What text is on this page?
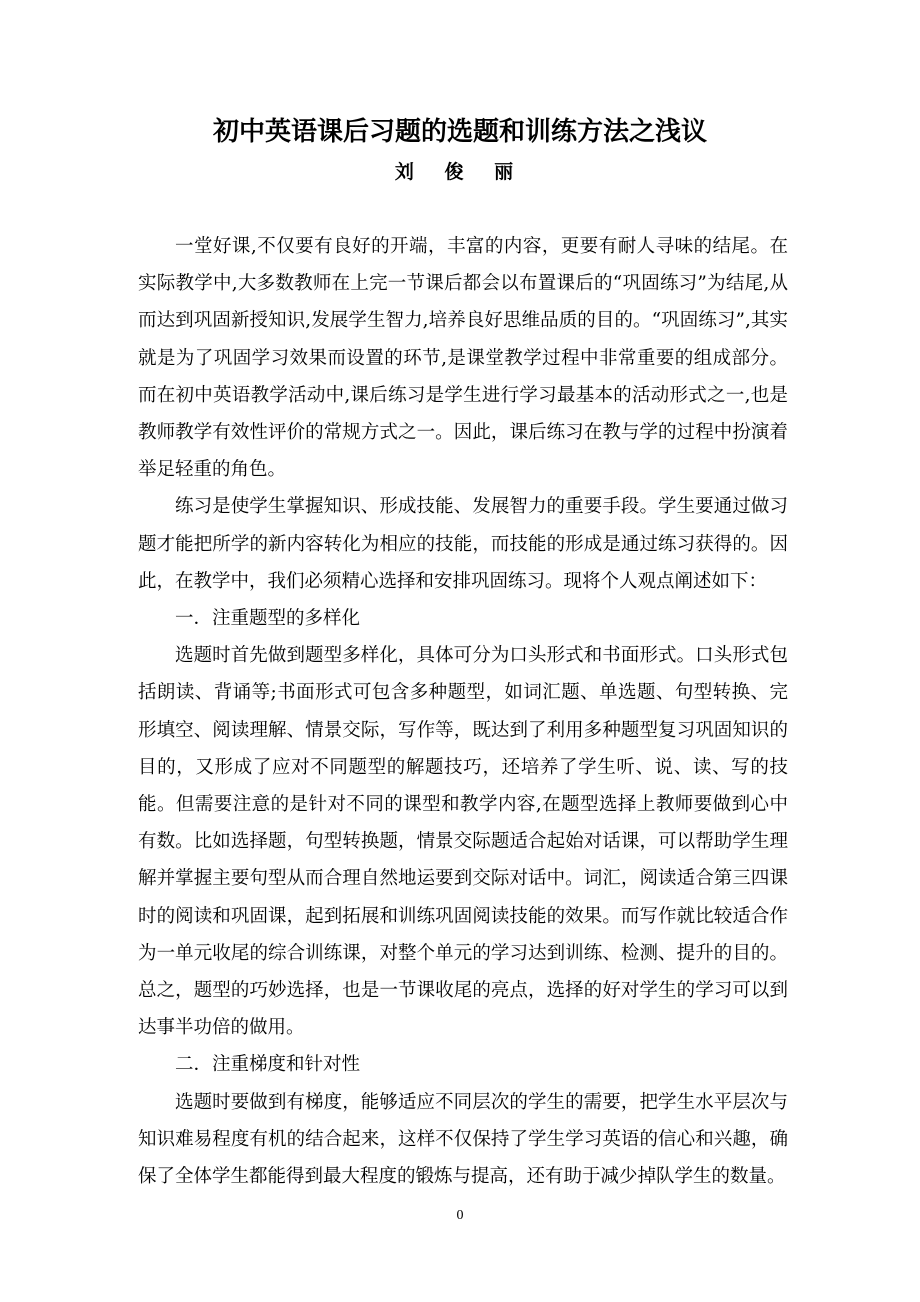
初中英语课后习题的选题和训练方法之浅议
刘 俊 丽

一堂好课,不仅要有良好的开端，丰富的内容，更要有耐人寻味的结尾。在实际教学中,大多数教师在上完一节课后都会以布置课后的“巩固练习”为结尾,从而达到巩固新授知识,发展学生智力,培养良好思维品质的目的。“巩固练习”,其实就是为了巩固学习效果而设置的环节,是课堂教学过程中非常重要的组成部分。而在初中英语教学活动中,课后练习是学生进行学习最基本的活动形式之一,也是教师教学有效性评价的常规方式之一。因此，课后练习在教与学的过程中扮演着举足轻重的角色。

练习是使学生掌握知识、形成技能、发展智力的重要手段。学生要通过做习题才能把所学的新内容转化为相应的技能，而技能的形成是通过练习获得的。因此，在教学中，我们必须精心选择和安排巩固练习。现将个人观点阐述如下：

一．注重题型的多样化

选题时首先做到题型多样化，具体可分为口头形式和书面形式。口头形式包括朗读、背诵等;书面形式可包含多种题型，如词汇题、单选题、句型转换、完形填空、阅读理解、情景交际，写作等，既达到了利用多种题型复习巩固知识的目的，又形成了应对不同题型的解题技巧，还培养了学生听、说、读、写的技能。但需要注意的是针对不同的课型和教学内容,在题型选择上教师要做到心中有数。比如选择题，句型转换题，情景交际题适合起始对话课，可以帮助学生理解并掌握主要句型从而合理自然地运要到交际对话中。词汇，阅读适合第三四课时的阅读和巩固课，起到拓展和训练巩固阅读技能的效果。而写作就比较适合作为一单元收尾的综合训练课，对整个单元的学习达到训练、检测、提升的目的。总之，题型的巧妙选择，也是一节课收尾的亮点，选择的好对学生的学习可以到达事半功倍的做用。

二．注重梯度和针对性

选题时要做到有梯度，能够适应不同层次的学生的需要，把学生水平层次与知识难易程度有机的结合起来，这样不仅保持了学生学习英语的信心和兴趣，确保了全体学生都能得到最大程度的锻炼与提高，还有助于减少掉队学生的数量。

0
